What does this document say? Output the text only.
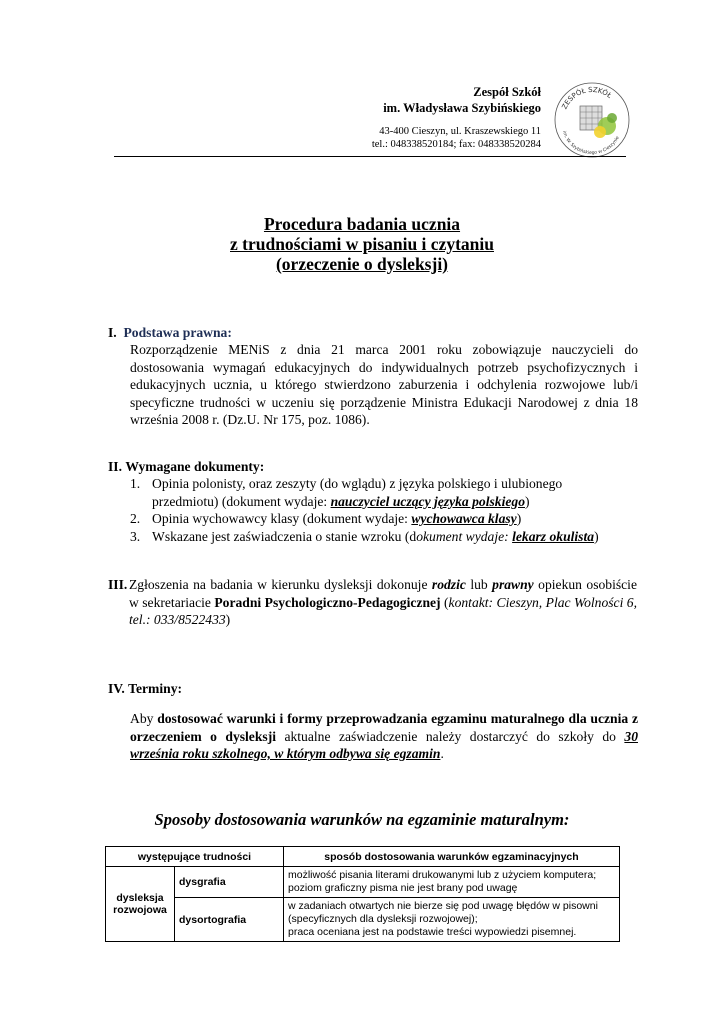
Zespół Szkół
im. Władysława Szybińskiego
43-400 Cieszyn, ul. Kraszewskiego 11
tel.: 048338520184; fax: 048338520284
ZESPÓŁ SZKÓŁ
im. W. Szybińskiego w Cieszynie
Procedura badania ucznia
z trudnościami w pisaniu i czytaniu
(orzeczenie o dysleksji)
I. Podstawa prawna:
Rozporządzenie MENiS z dnia 21 marca 2001 roku zobowiązuje nauczycieli do dostosowania wymagań edukacyjnych do indywidualnych potrzeb psychofizycznych i edukacyjnych ucznia, u którego stwierdzono zaburzenia i odchylenia rozwojowe lub/i specyficzne trudności w uczeniu się porządzenie Ministra Edukacji Narodowej z dnia 18 września 2008 r. (Dz.U. Nr 175, poz. 1086).
II. Wymagane dokumenty:
1. Opinia polonisty, oraz zeszyty (do wglądu) z języka polskiego i ulubionego przedmiotu) (dokument wydaje: nauczyciel uczący języka polskiego)
2. Opinia wychowawcy klasy (dokument wydaje: wychowawca klasy)
3. Wskazane jest zaświadczenia o stanie wzroku (dokument wydaje: lekarz okulista)
III. Zgłoszenia na badania w kierunku dysleksji dokonuje rodzic lub prawny opiekun osobiście w sekretariacie Poradni Psychologiczno-Pedagogicznej (kontakt: Cieszyn, Plac Wolności 6, tel.: 033/8522433)
IV. Terminy:
Aby dostosować warunki i formy przeprowadzania egzaminu maturalnego dla ucznia z orzeczeniem o dysleksji aktualne zaświadczenie należy dostarczyć do szkoły do 30 września roku szkolnego, w którym odbywa się egzamin.
Sposoby dostosowania warunków na egzaminie maturalnym:
występujące trudności		sposób dostosowania warunków egzaminacyjnych
dysleksja rozwojowa	dysgrafia	możliwość pisania literami drukowanymi lub z użyciem komputera; poziom graficzny pisma nie jest brany pod uwagę
	dysortografia	w zadaniach otwartych nie bierze się pod uwagę błędów w pisowni (specyficznych dla dysleksji rozwojowej);
praca oceniana jest na podstawie treści wypowiedzi pisemnej.
